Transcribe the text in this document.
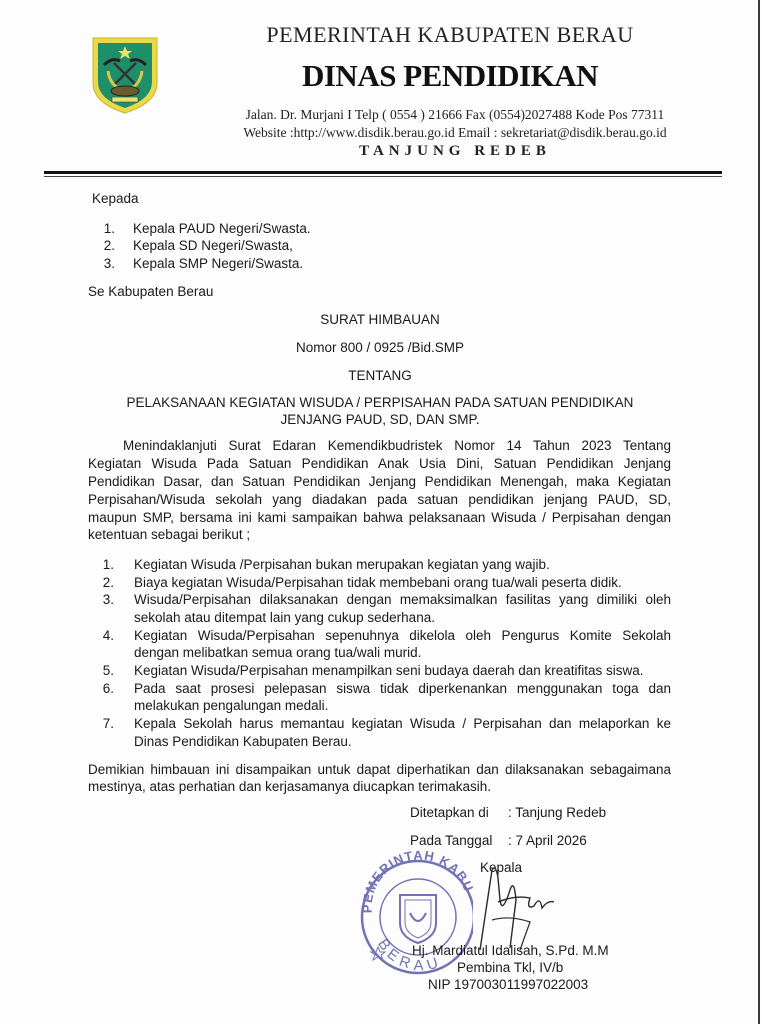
PEMERINTAH KABUPATEN BERAU
DINAS PENDIDIKAN
Jalan. Dr. Murjani I Telp ( 0554 ) 21666 Fax (0554)2027488 Kode Pos 77311
Website :http://www.disdik.berau.go.id Email : sekretariat@disdik.berau.go.id
TANJUNG REDEB
Kepada
1. Kepala PAUD Negeri/Swasta.
2. Kepala SD Negeri/Swasta,
3. Kepala SMP Negeri/Swasta.
Se Kabupaten Berau
SURAT HIMBAUAN
Nomor 800 / 0925 /Bid.SMP
TENTANG
PELAKSANAAN KEGIATAN WISUDA / PERPISAHAN PADA SATUAN PENDIDIKAN
JENJANG PAUD, SD, DAN SMP.
Menindaklanjuti Surat Edaran Kemendikbudristek Nomor 14 Tahun 2023 Tentang
Kegiatan Wisuda Pada Satuan Pendidikan Anak Usia Dini, Satuan Pendidikan Jenjang
Pendidikan Dasar, dan Satuan Pendidikan Jenjang Pendidikan Menengah, maka Kegiatan
Perpisahan/Wisuda sekolah yang diadakan pada satuan pendidikan jenjang PAUD, SD,
maupun SMP, bersama ini kami sampaikan bahwa pelaksanaan Wisuda / Perpisahan dengan
ketentuan sebagai berikut ;
1. Kegiatan Wisuda /Perpisahan bukan merupakan kegiatan yang wajib.
2. Biaya kegiatan Wisuda/Perpisahan tidak membebani orang tua/wali peserta didik.
3. Wisuda/Perpisahan dilaksanakan dengan memaksimalkan fasilitas yang dimiliki oleh
sekolah atau ditempat lain yang cukup sederhana.
4. Kegiatan Wisuda/Perpisahan sepenuhnya dikelola oleh Pengurus Komite Sekolah
dengan melibatkan semua orang tua/wali murid.
5. Kegiatan Wisuda/Perpisahan menampilkan seni budaya daerah dan kreatifitas siswa.
6. Pada saat prosesi pelepasan siswa tidak diperkenankan menggunakan toga dan
melakukan pengalungan medali.
7. Kepala Sekolah harus memantau kegiatan Wisuda / Perpisahan dan melaporkan ke
Dinas Pendidikan Kabupaten Berau.
Demikian himbauan ini disampaikan untuk dapat diperhatikan dan dilaksanakan sebagaimana
mestinya, atas perhatian dan kerjasamanya diucapkan terimakasih.
Ditetapkan di : Tanjung Redeb
Pada Tanggal : 7 April 2026
Kepala
PEMERINTAH KAB
BERAU
Hj. Mardiatul Idalisah, S.Pd. M.M
Pembina Tkl, IV/b
NIP 197003011997022003
